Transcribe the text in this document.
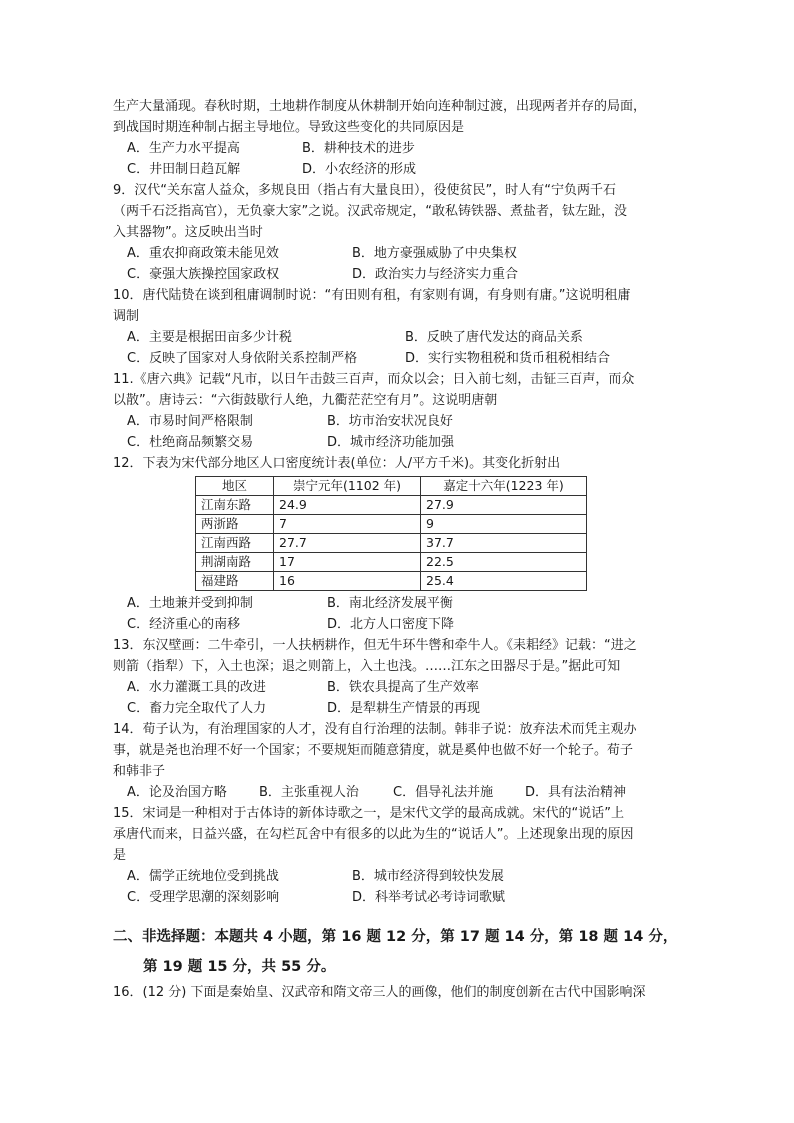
生产大量涌现。春秋时期，土地耕作制度从休耕制开始向连种制过渡，出现两者并存的局面，

到战国时期连种制占据主导地位。导致这些变化的共同原因是

A．生产力水平提高	B．耕种技术的进步
C．井田制日趋瓦解	D．小农经济的形成

9．汉代“关东富人益众，多规良田（指占有大量良田），役使贫民”，时人有“宁负两千石

（两千石泛指高官），无负豪大家”之说。汉武帝规定，“敢私铸铁器、煮盐者，钛左趾，没

入其器物”。这反映出当时

A．重农抑商政策未能见效	B．地方豪强威胁了中央集权
C．豪强大族操控国家政权	D．政治实力与经济实力重合

10．唐代陆贽在谈到租庸调制时说：“有田则有租，有家则有调，有身则有庸。”这说明租庸

调制

A．主要是根据田亩多少计税	B．反映了唐代发达的商品关系
C．反映了国家对人身依附关系控制严格	D．实行实物租税和货币租税相结合

11.《唐六典》记载“凡市，以日午击鼓三百声，而众以会；日入前七刻，击钲三百声，而众

以散”。唐诗云：“六街鼓歇行人绝，九衢茫茫空有月”。这说明唐朝

A．市易时间严格限制	B．坊市治安状况良好
C．杜绝商品频繁交易	D．城市经济功能加强

12．下表为宋代部分地区人口密度统计表(单位：人/平方千米)。其变化折射出

地区	崇宁元年(1102 年)	嘉定十六年(1223 年)
江南东路	24.9	27.9
两浙路	7	9
江南西路	27.7	37.7
荆湖南路	17	22.5
福建路	16	25.4
A．土地兼并受到抑制	B．南北经济发展平衡
C．经济重心的南移	D．北方人口密度下降

13．东汉壁画：二牛牵引，一人扶柄耕作，但无牛环牛辔和牵牛人。《耒耜经》记载：“进之

则箭（指犁）下，入土也深；退之则箭上，入土也浅。……江东之田器尽于是。”据此可知

A．水力灌溉工具的改进	B．铁农具提高了生产效率
C．畜力完全取代了人力	D．是犁耕生产情景的再现

14．荀子认为，有治理国家的人才，没有自行治理的法制。韩非子说：放弃法术而凭主观办

事，就是尧也治理不好一个国家；不要规矩而随意猜度，就是奚仲也做不好一个轮子。荀子

和韩非子

A．论及治国方略	B．主张重视人治	C．倡导礼法并施	D．具有法治精神

15．宋词是一种相对于古体诗的新体诗歌之一，是宋代文学的最高成就。宋代的“说话”上

承唐代而来，日益兴盛，在勾栏瓦舍中有很多的以此为生的“说话人”。上述现象出现的原因

是

A．儒学正统地位受到挑战	B．城市经济得到较快发展
C．受理学思潮的深刻影响	D．科举考试必考诗词歌赋
二、非选择题：本题共 4 小题，第 16 题 12 分，第 17 题 14 分，第 18 题 14 分，
第 19 题 15 分，共 55 分。

16．(12 分) 下面是秦始皇、汉武帝和隋文帝三人的画像，他们的制度创新在古代中国影响深
